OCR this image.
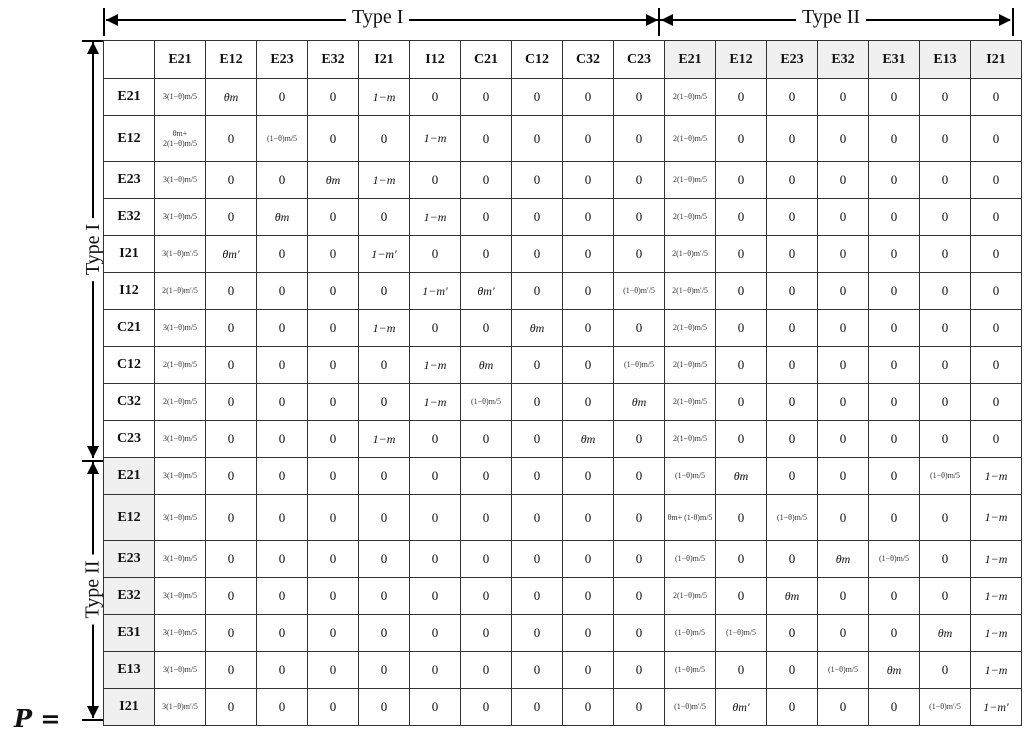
Type I	Type II
Type I
Type II
P =
	E21	E12	E23	E32	I21	I12	C21	C12	C32	C23	E21	E12	E23	E32	E31	E13	I21
E21	3(1−θ)m/5	θm	0	0	1−m	0	0	0	0	0	2(1−θ)m/5	0	0	0	0	0	0
E12	θm+ 2(1−θ)m/5	0	(1−θ)m/5	0	0	1−m	0	0	0	0	2(1−θ)m/5	0	0	0	0	0	0
E23	3(1−θ)m/5	0	0	θm	1−m	0	0	0	0	0	2(1−θ)m/5	0	0	0	0	0	0
E32	3(1−θ)m/5	0	θm	0	0	1−m	0	0	0	0	2(1−θ)m/5	0	0	0	0	0	0
I21	3(1−θ)m′/5	θm′	0	0	1−m′	0	0	0	0	0	2(1−θ)m′/5	0	0	0	0	0	0
I12	2(1−θ)m′/5	0	0	0	0	1−m′	θm′	0	0	(1−θ)m′/5	2(1−θ)m′/5	0	0	0	0	0	0
C21	3(1−θ)m/5	0	0	0	1−m	0	0	θm	0	0	2(1−θ)m/5	0	0	0	0	0	0
C12	2(1−θ)m/5	0	0	0	0	1−m	θm	0	0	(1−θ)m/5	2(1−θ)m/5	0	0	0	0	0	0
C32	2(1−θ)m/5	0	0	0	0	1−m	(1−θ)m/5	0	0	θm	2(1−θ)m/5	0	0	0	0	0	0
C23	3(1−θ)m/5	0	0	0	1−m	0	0	0	θm	0	2(1−θ)m/5	0	0	0	0	0	0
E21	3(1−θ)m/5	0	0	0	0	0	0	0	0	0	(1−θ)m/5	θm	0	0	0	(1−θ)m/5	1−m
E12	3(1−θ)m/5	0	0	0	0	0	0	0	0	0	θm+ (1-θ)m/5	0	(1−θ)m/5	0	0	0	1−m
E23	3(1−θ)m/5	0	0	0	0	0	0	0	0	0	(1−θ)m/5	0	0	θm	(1−θ)m/5	0	1−m
E32	3(1−θ)m/5	0	0	0	0	0	0	0	0	0	2(1−θ)m/5	0	θm	0	0	0	1−m
E31	3(1−θ)m/5	0	0	0	0	0	0	0	0	0	(1−θ)m/5	(1−θ)m/5	0	0	0	θm	1−m
E13	3(1−θ)m/5	0	0	0	0	0	0	0	0	0	(1−θ)m/5	0	0	(1−θ)m/5	θm	0	1−m
I21	3(1−θ)m′/5	0	0	0	0	0	0	0	0	0	(1−θ)m′/5	θm′	0	0	0	(1−θ)m′/5	1−m′
